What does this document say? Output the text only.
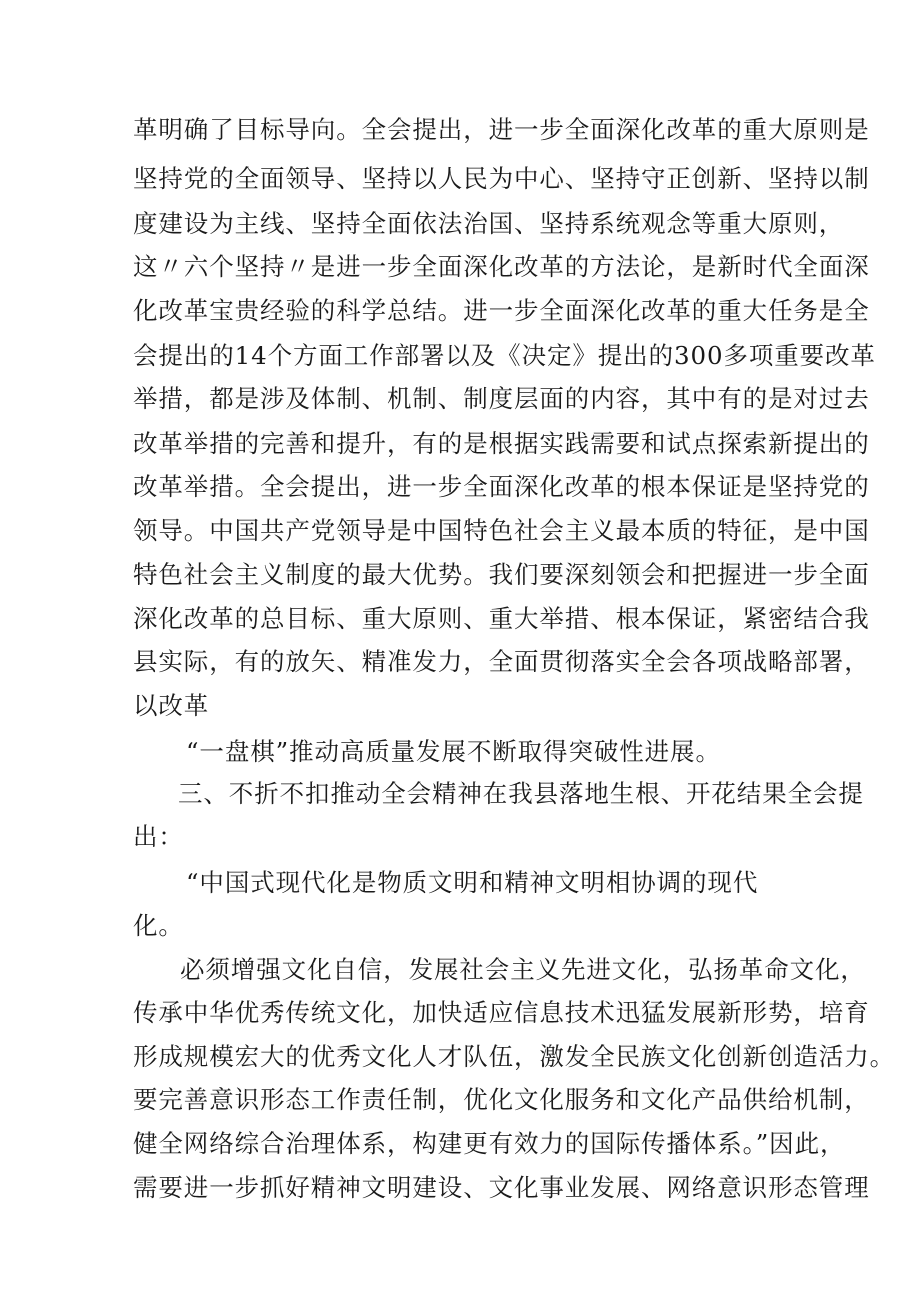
革明确了目标导向。全会提出，进一步全面深化改革的重大原则是
坚持党的全面领导、坚持以人民为中心、坚持守正创新、坚持以制
度建设为主线、坚持全面依法治国、坚持系统观念等重大原则，
这〃六个坚持〃是进一步全面深化改革的方法论，是新时代全面深
化改革宝贵经验的科学总结。进一步全面深化改革的重大任务是全
会提出的14个方面工作部署以及《决定》提出的300多项重要改革
举措，都是涉及体制、机制、制度层面的内容，其中有的是对过去
改革举措的完善和提升，有的是根据实践需要和试点探索新提出的
改革举措。全会提出，进一步全面深化改革的根本保证是坚持党的
领导。中国共产党领导是中国特色社会主义最本质的特征，是中国
特色社会主义制度的最大优势。我们要深刻领会和把握进一步全面
深化改革的总目标、重大原则、重大举措、根本保证，紧密结合我
县实际，有的放矢、精准发力，全面贯彻落实全会各项战略部署，
以改革
“一盘棋”推动高质量发展不断取得突破性进展。
三、不折不扣推动全会精神在我县落地生根、开花结果全会提
出：
“中国式现代化是物质文明和精神文明相协调的现代
化。
必须增强文化自信，发展社会主义先进文化，弘扬革命文化，
传承中华优秀传统文化，加快适应信息技术迅猛发展新形势，培育
形成规模宏大的优秀文化人才队伍，激发全民族文化创新创造活力。
要完善意识形态工作责任制，优化文化服务和文化产品供给机制，
健全网络综合治理体系，构建更有效力的国际传播体系。”因此，
需要进一步抓好精神文明建设、文化事业发展、网络意识形态管理
